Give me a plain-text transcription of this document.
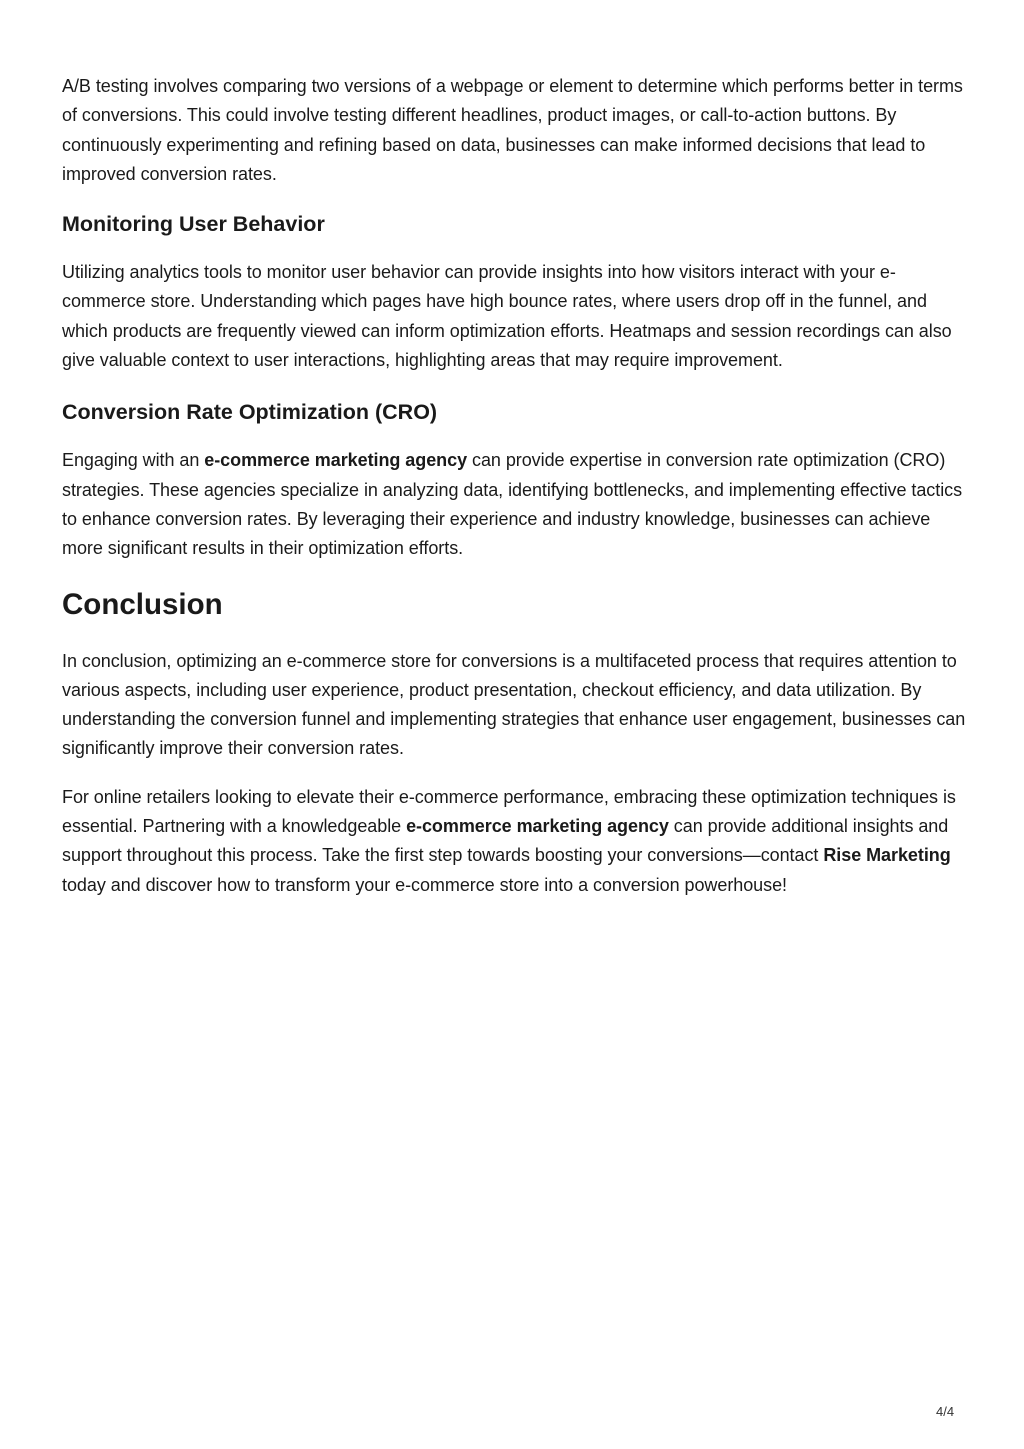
A/B testing involves comparing two versions of a webpage or element to determine which performs better in terms of conversions. This could involve testing different headlines, product images, or call-to-action buttons. By continuously experimenting and refining based on data, businesses can make informed decisions that lead to improved conversion rates.

Monitoring User Behavior

Utilizing analytics tools to monitor user behavior can provide insights into how visitors interact with your e-commerce store. Understanding which pages have high bounce rates, where users drop off in the funnel, and which products are frequently viewed can inform optimization efforts. Heatmaps and session recordings can also give valuable context to user interactions, highlighting areas that may require improvement.

Conversion Rate Optimization (CRO)

Engaging with an e-commerce marketing agency can provide expertise in conversion rate optimization (CRO) strategies. These agencies specialize in analyzing data, identifying bottlenecks, and implementing effective tactics to enhance conversion rates. By leveraging their experience and industry knowledge, businesses can achieve more significant results in their optimization efforts.

Conclusion

In conclusion, optimizing an e-commerce store for conversions is a multifaceted process that requires attention to various aspects, including user experience, product presentation, checkout efficiency, and data utilization. By understanding the conversion funnel and implementing strategies that enhance user engagement, businesses can significantly improve their conversion rates.

For online retailers looking to elevate their e-commerce performance, embracing these optimization techniques is essential. Partnering with a knowledgeable e-commerce marketing agency can provide additional insights and support throughout this process. Take the first step towards boosting your conversions—contact Rise Marketing today and discover how to transform your e-commerce store into a conversion powerhouse!

4/4
